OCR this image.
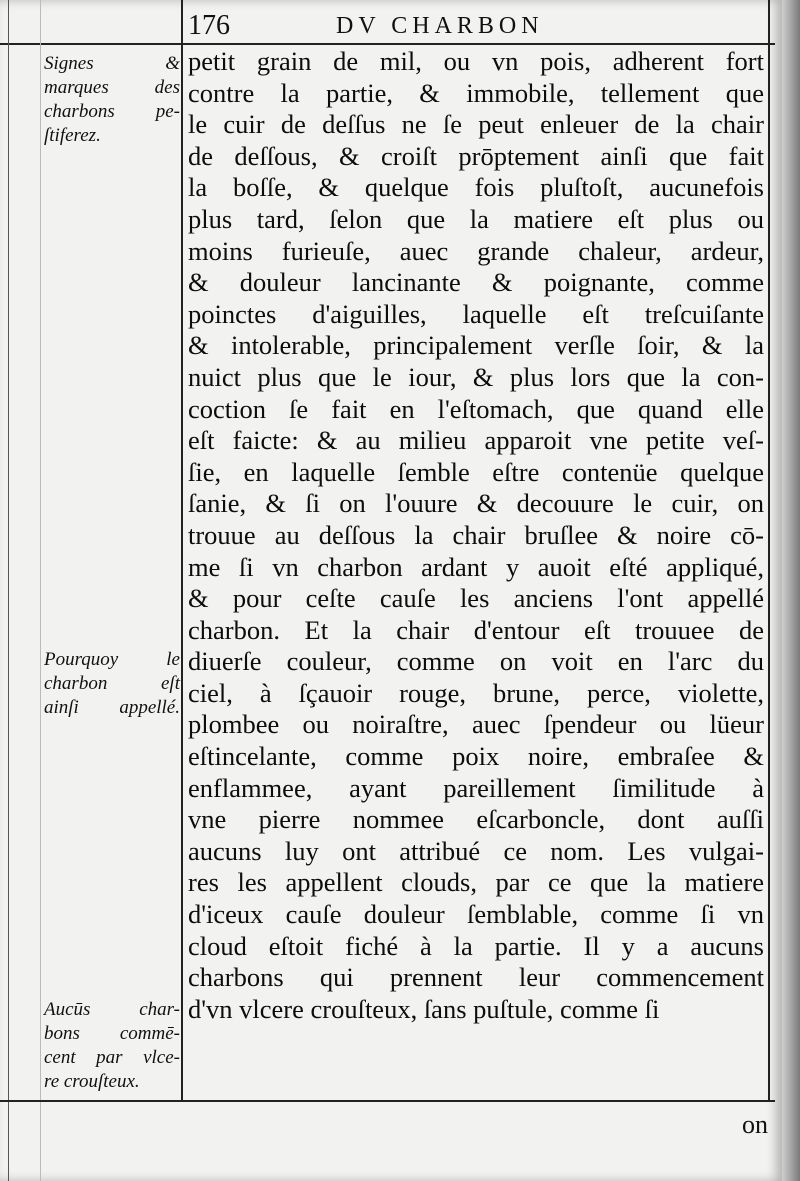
176	DV CHARBON
Signes &
marques des
charbons pe-
ſtiferez.
Pourquoy le
charbon eſt
ainſi appellé.
Aucūs char-
bons commē-
cent par vlce-
re crouſteux.
petit grain de mil, ou vn pois, adherent fort
contre la partie, & immobile, tellement que
le cuir de deſſus ne ſe peut enleuer de la chair
de deſſous, & croiſt prōptement ainſi que fait
la boſſe, & quelque fois pluſtoſt, aucunefois
plus tard, ſelon que la matiere eſt plus ou
moins furieuſe, auec grande chaleur, ardeur,
& douleur lancinante & poignante, comme
poinctes d'aiguilles, laquelle eſt treſcuiſante
& intolerable, principalement verſle ſoir, & la
nuict plus que le iour, & plus lors que la con-
coction ſe fait en l'eſtomach, que quand elle
eſt faicte: & au milieu apparoit vne petite veſ-
ſie, en laquelle ſemble eſtre contenüe quelque
ſanie, & ſi on l'ouure & decouure le cuir, on
trouue au deſſous la chair bruſlee & noire cō-
me ſi vn charbon ardant y auoit eſté appliqué,
& pour ceſte cauſe les anciens l'ont appellé
charbon. Et la chair d'entour eſt trouuee de
diuerſe couleur, comme on voit en l'arc du
ciel, à ſçauoir rouge, brune, perce, violette,
plombee ou noiraſtre, auec ſpendeur ou lüeur
eſtincelante, comme poix noire, embraſee &
enflammee, ayant pareillement ſimilitude à
vne pierre nommee eſcarboncle, dont auſſi
aucuns luy ont attribué ce nom. Les vulgai-
res les appellent clouds, par ce que la matiere
d'iceux cauſe douleur ſemblable, comme ſi vn
cloud eſtoit fiché à la partie. Il y a aucuns
charbons qui prennent leur commencement
d'vn vlcere crouſteux, ſans puſtule, comme ſi
on
